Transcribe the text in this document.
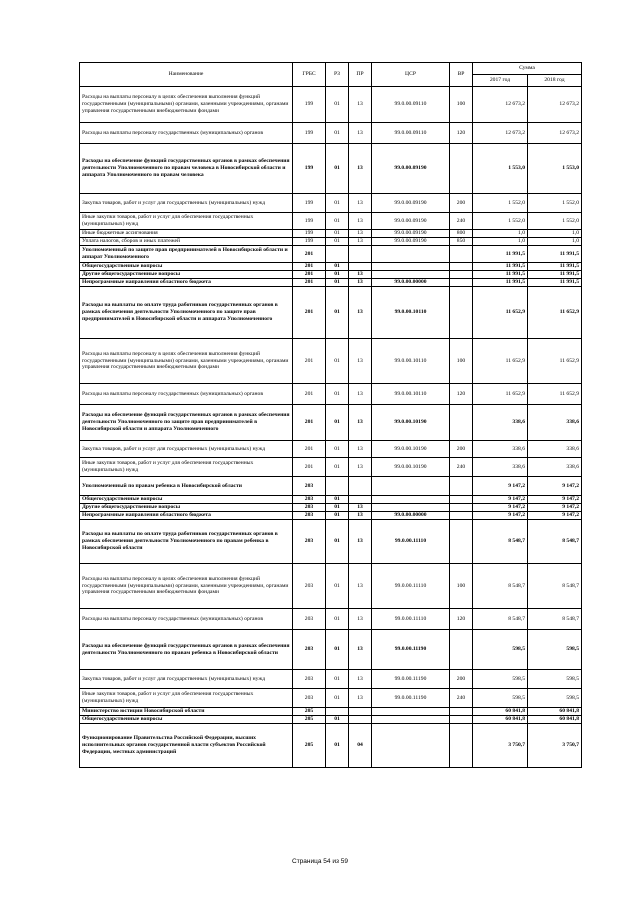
Наименование	ГРБС	РЗ	ПР	ЦСР	ВР	Сумма	
						2017 год	2018 год
Расходы на выплаты персоналу в целях обеспечения выполнения функций государственными (муниципальными) органами, казенными учреждениями, органами управления государственными внебюджетными фондами	199	01	13	99.0.00.09110	100	12 673,2	12 673,2
Расходы на выплаты персоналу государственных (муниципальных) органов	199	01	13	99.0.00.09110	120	12 673,2	12 673,2
Расходы на обеспечение функций государственных органов в рамках обеспечения деятельности Уполномоченного по правам человека в Новосибирской области и аппарата Уполномоченного по правам человека	199	01	13	99.0.00.09190		1 553,0	1 553,0
Закупка товаров, работ и услуг для государственных (муниципальных) нужд	199	01	13	99.0.00.09190	200	1 552,0	1 552,0
Иные закупки товаров, работ и услуг для обеспечения государственных (муниципальных) нужд	199	01	13	99.0.00.09190	240	1 552,0	1 552,0
Иные бюджетные ассигнования	199	01	13	99.0.00.09190	800	1,0	1,0
Уплата налогов, сборов и иных платежей	199	01	13	99.0.00.09190	850	1,0	1,0
Уполномоченный по защите прав предпринимателей в Новосибирской области и аппарат Уполномоченного	201					11 991,5	11 991,5
Общегосударственные вопросы	201	01				11 991,5	11 991,5
Другие общегосударственные вопросы	201	01	13			11 991,5	11 991,5
Непрограммные направления областного бюджета	201	01	13	99.0.00.00000		11 991,5	11 991,5
Расходы на выплаты по оплате труда работников государственных органов в рамках обеспечения деятельности Уполномоченного по защите прав предпринимателей в Новосибирской области и аппарата Уполномоченного	201	01	13	99.0.00.10110		11 652,9	11 652,9
Расходы на выплаты персоналу в целях обеспечения выполнения функций государственными (муниципальными) органами, казенными учреждениями, органами управления государственными внебюджетными фондами	201	01	13	99.0.00.10110	100	11 652,9	11 652,9
Расходы на выплаты персоналу государственных (муниципальных) органов	201	01	13	99.0.00.10110	120	11 652,9	11 652,9
Расходы на обеспечение функций государственных органов в рамках обеспечения деятельности Уполномоченного по защите прав предпринимателей в Новосибирской области и аппарата Уполномоченного	201	01	13	99.0.00.10190		338,6	338,6
Закупка товаров, работ и услуг для государственных (муниципальных) нужд	201	01	13	99.0.00.10190	200	338,6	338,6
Иные закупки товаров, работ и услуг для обеспечения государственных (муниципальных) нужд	201	01	13	99.0.00.10190	240	338,6	338,6
Уполномоченный по правам ребенка в Новосибирской области	203					9 147,2	9 147,2
Общегосударственные вопросы	203	01				9 147,2	9 147,2
Другие общегосударственные вопросы	203	01	13			9 147,2	9 147,2
Непрограммные направления областного бюджета	203	01	13	99.0.00.00000		9 147,2	9 147,2
Расходы на выплаты по оплате труда работников государственных органов в рамках обеспечения деятельности Уполномоченного по правам ребенка в Новосибирской области	203	01	13	99.0.00.11110		8 548,7	8 548,7
Расходы на выплаты персоналу в целях обеспечения выполнения функций государственными (муниципальными) органами, казенными учреждениями, органами управления государственными внебюджетными фондами	203	01	13	99.0.00.11110	100	8 548,7	8 548,7
Расходы на выплаты персоналу государственных (муниципальных) органов	203	01	13	99.0.00.11110	120	8 548,7	8 548,7
Расходы на обеспечение функций государственных органов в рамках обеспечения деятельности Уполномоченного по правам ребенка в Новосибирской области	203	01	13	99.0.00.11190		598,5	598,5
Закупка товаров, работ и услуг для государственных (муниципальных) нужд	203	01	13	99.0.00.11190	200	598,5	598,5
Иные закупки товаров, работ и услуг для обеспечения государственных (муниципальных) нужд	203	01	13	99.0.00.11190	240	598,5	598,5
Министерство юстиции Новосибирской области	205					60 841,8	60 841,8
Общегосударственные вопросы	205	01				60 841,8	60 841,8
Функционирование Правительства Российской Федерации, высших исполнительных органов государственной власти субъектов Российской Федерации, местных администраций	205	01	04			3 750,7	3 750,7
Страница 54 из 59
